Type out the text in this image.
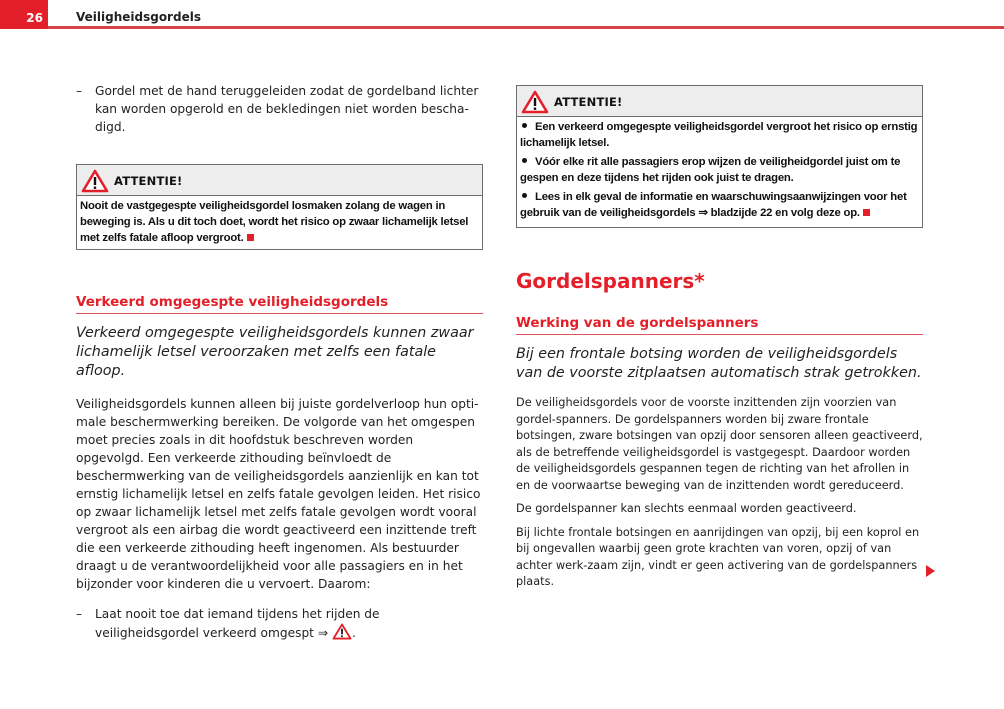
26	Veiligheidsgordels
– Gordel met de hand teruggeleiden zodat de gordelband lichter kan worden opgerold en de bekledingen niet worden bescha-digd.
ATTENTIE!
Nooit de vastgegespte veiligheidsgordel losmaken zolang de wagen in beweging is. Als u dit toch doet, wordt het risico op zwaar lichamelijk letsel met zelfs fatale afloop vergroot.
Verkeerd omgegespte veiligheidsgordels
Verkeerd omgegespte veiligheidsgordels kunnen zwaar lichamelijk letsel veroorzaken met zelfs een fatale afloop.
Veiligheidsgordels kunnen alleen bij juiste gordelverloop hun opti-male beschermwerking bereiken. De volgorde van het omgespen moet precies zoals in dit hoofdstuk beschreven worden opgevolgd. Een verkeerde zithouding beïnvloedt de beschermwerking van de veiligheidsgordels aanzienlijk en kan tot ernstig lichamelijk letsel en zelfs fatale gevolgen leiden. Het risico op zwaar lichamelijk letsel met zelfs fatale gevolgen wordt vooral vergroot als een airbag die wordt geactiveerd een inzittende treft die een verkeerde zithouding heeft ingenomen. Als bestuurder draagt u de verantwoordelijkheid voor alle passagiers en in het bijzonder voor kinderen die u vervoert. Daarom:
– Laat nooit toe dat iemand tijdens het rijden de veiligheidsgordel verkeerd omgespt ⇒ .
ATTENTIE!

Een verkeerd omgegespte veiligheidsgordel vergroot het risico op ernstig lichamelijk letsel.

Vóór elke rit alle passagiers erop wijzen de veiligheidgordel juist om te gespen en deze tijdens het rijden ook juist te dragen.

Lees in elk geval de informatie en waarschuwingsaanwijzingen voor het gebruik van de veiligheidsgordels ⇒ bladzijde 22 en volg deze op.

Gordelspanners*
Werking van de gordelspanners
Bij een frontale botsing worden de veiligheidsgordels van de voorste zitplaatsen automatisch strak getrokken.

De veiligheidsgordels voor de voorste inzittenden zijn voorzien van gordel-spanners. De gordelspanners worden bij zware frontale botsingen, zware botsingen van opzij door sensoren alleen geactiveerd, als de betreffende veiligheidsgordel is vastgegespt. Daardoor worden de veiligheidsgordels gespannen tegen de richting van het afrollen in en de voorwaartse beweging van de inzittenden wordt gereduceerd.

De gordelspanner kan slechts eenmaal worden geactiveerd.

Bij lichte frontale botsingen en aanrijdingen van opzij, bij een koprol en bij ongevallen waarbij geen grote krachten van voren, opzij of van achter werk-zaam zijn, vindt er geen activering van de gordelspanners plaats.
